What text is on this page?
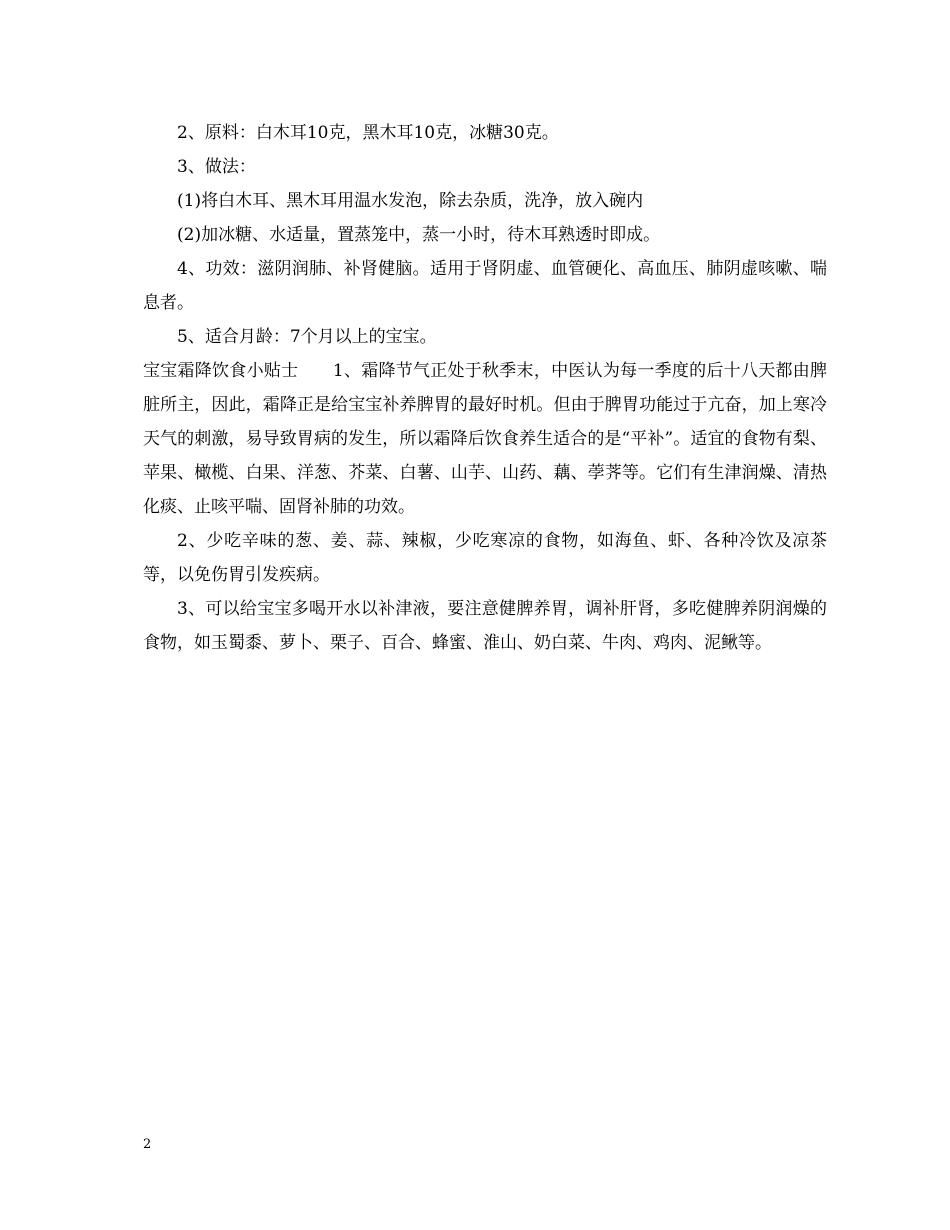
2、原料：白木耳10克，黑木耳10克，冰糖30克。

3、做法：

(1)将白木耳、黑木耳用温水发泡，除去杂质，洗净，放入碗内

(2)加冰糖、水适量，置蒸笼中，蒸一小时，待木耳熟透时即成。

4、功效：滋阴润肺、补肾健脑。适用于肾阴虚、血管硬化、高血压、肺阴虚咳嗽、喘息者。

5、适合月龄：7个月以上的宝宝。

宝宝霜降饮食小贴士　　1、霜降节气正处于秋季末，中医认为每一季度的后十八天都由脾脏所主，因此，霜降正是给宝宝补养脾胃的最好时机。但由于脾胃功能过于亢奋，加上寒冷天气的刺激，易导致胃病的发生，所以霜降后饮食养生适合的是“平补”。适宜的食物有梨、苹果、橄榄、白果、洋葱、芥菜、白薯、山芋、山药、藕、荸荠等。它们有生津润燥、清热化痰、止咳平喘、固肾补肺的功效。

2、少吃辛味的葱、姜、蒜、辣椒，少吃寒凉的食物，如海鱼、虾、各种冷饮及凉茶等，以免伤胃引发疾病。

3、可以给宝宝多喝开水以补津液，要注意健脾养胃，调补肝肾，多吃健脾养阴润燥的食物，如玉蜀黍、萝卜、栗子、百合、蜂蜜、淮山、奶白菜、牛肉、鸡肉、泥鳅等。

2
